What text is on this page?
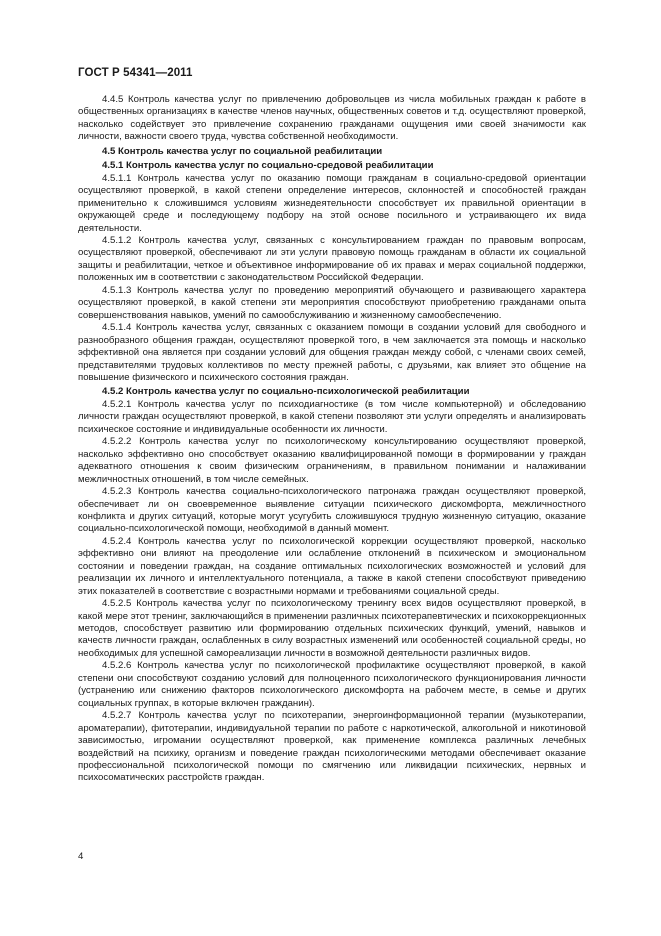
ГОСТ Р 54341—2011

4.4.5 Контроль качества услуг по привлечению добровольцев из числа мобильных граждан к работе в общественных организациях в качестве членов научных, общественных советов и т.д. осуществляют проверкой, насколько содействует это привлечение сохранению гражданами ощущения ими своей значимости как личности, важности своего труда, чувства собственной необходимости.

4.5 Контроль качества услуг по социальной реабилитации

4.5.1 Контроль качества услуг по социально-средовой реабилитации

4.5.1.1 Контроль качества услуг по оказанию помощи гражданам в социально-средовой ориентации осуществляют проверкой, в какой степени определение интересов, склонностей и способностей граждан применительно к сложившимся условиям жизнедеятельности способствует их правильной ориентации в окружающей среде и последующему подбору на этой основе посильного и устраивающего их вида деятельности.

4.5.1.2 Контроль качества услуг, связанных с консультированием граждан по правовым вопросам, осуществляют проверкой, обеспечивают ли эти услуги правовую помощь гражданам в области их социальной защиты и реабилитации, четкое и объективное информирование об их правах и мерах социальной поддержки, положенных им в соответствии с законодательством Российской Федерации.

4.5.1.3 Контроль качества услуг по проведению мероприятий обучающего и развивающего характера осуществляют проверкой, в какой степени эти мероприятия способствуют приобретению гражданами опыта совершенствования навыков, умений по самообслуживанию и жизненному самообеспечению.

4.5.1.4 Контроль качества услуг, связанных с оказанием помощи в создании условий для свободного и разнообразного общения граждан, осуществляют проверкой того, в чем заключается эта помощь и насколько эффективной она является при создании условий для общения граждан между собой, с членами своих семей, представителями трудовых коллективов по месту прежней работы, с друзьями, как влияет это общение на повышение физического и психического состояния граждан.

4.5.2 Контроль качества услуг по социально-психологической реабилитации

4.5.2.1 Контроль качества услуг по психодиагностике (в том числе компьютерной) и обследованию личности граждан осуществляют проверкой, в какой степени позволяют эти услуги определять и анализировать психическое состояние и индивидуальные особенности их личности.

4.5.2.2 Контроль качества услуг по психологическому консультированию осуществляют проверкой, насколько эффективно оно способствует оказанию квалифицированной помощи в формировании у граждан адекватного отношения к своим физическим ограничениям, в правильном понимании и налаживании межличностных отношений, в том числе семейных.

4.5.2.3 Контроль качества социально-психологического патронажа граждан осуществляют проверкой, обеспечивает ли он своевременное выявление ситуации психического дискомфорта, межличностного конфликта и других ситуаций, которые могут усугубить сложившуюся трудную жизненную ситуацию, оказание социально-психологической помощи, необходимой в данный момент.

4.5.2.4 Контроль качества услуг по психологической коррекции осуществляют проверкой, насколько эффективно они влияют на преодоление или ослабление отклонений в психическом и эмоциональном состоянии и поведении граждан, на создание оптимальных психологических возможностей и условий для реализации их личного и интеллектуального потенциала, а также в какой степени способствуют приведению этих показателей в соответствие с возрастными нормами и требованиями социальной среды.

4.5.2.5 Контроль качества услуг по психологическому тренингу всех видов осуществляют проверкой, в какой мере этот тренинг, заключающийся в применении различных психотерапевтических и психокоррекционных методов, способствует развитию или формированию отдельных психических функций, умений, навыков и качеств личности граждан, ослабленных в силу возрастных изменений или особенностей социальной среды, но необходимых для успешной самореализации личности в возможной деятельности различных видов.

4.5.2.6 Контроль качества услуг по психологической профилактике осуществляют проверкой, в какой степени они способствуют созданию условий для полноценного психологического функционирования личности (устранению или снижению факторов психологического дискомфорта на рабочем месте, в семье и других социальных группах, в которые включен гражданин).

4.5.2.7 Контроль качества услуг по психотерапии, энергоинформационной терапии (музыкотерапии, ароматерапии), фитотерапии, индивидуальной терапии по работе с наркотической, алкогольной и никотиновой зависимостью, игромании осуществляют проверкой, как применение комплекса различных лечебных воздействий на психику, организм и поведение граждан психологическими методами обеспечивает оказание профессиональной психологической помощи по смягчению или ликвидации психических, нервных и психосоматических расстройств граждан.

4
